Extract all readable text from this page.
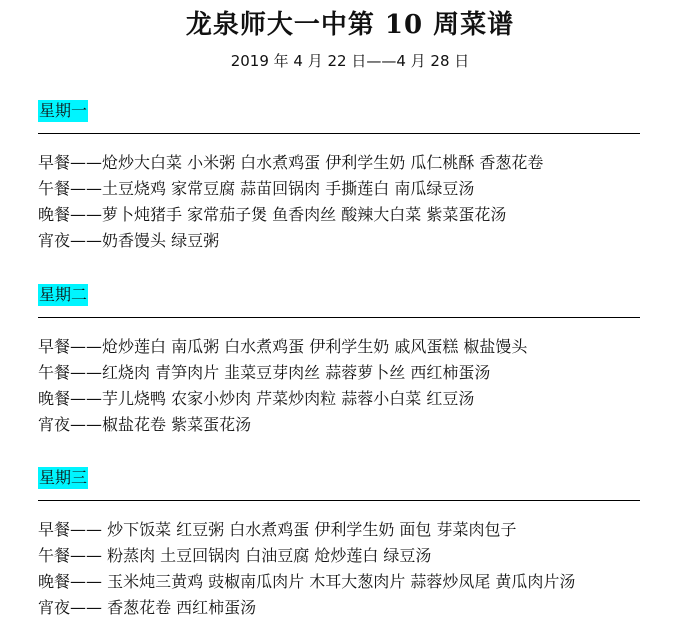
龙泉师大一中第 10 周菜谱
2019 年 4 月 22 日——4 月 28 日
星期一
早餐——炝炒大白菜 小米粥 白水煮鸡蛋 伊利学生奶 瓜仁桃酥 香葱花卷
午餐——土豆烧鸡 家常豆腐 蒜苗回锅肉 手撕莲白 南瓜绿豆汤
晚餐——萝卜炖猪手 家常茄子煲 鱼香肉丝 酸辣大白菜 紫菜蛋花汤
宵夜——奶香馒头 绿豆粥
星期二
早餐——炝炒莲白 南瓜粥 白水煮鸡蛋 伊利学生奶 戚风蛋糕 椒盐馒头
午餐——红烧肉 青笋肉片 韭菜豆芽肉丝 蒜蓉萝卜丝 西红柿蛋汤
晚餐——芋儿烧鸭 农家小炒肉 芹菜炒肉粒 蒜蓉小白菜 红豆汤
宵夜——椒盐花卷 紫菜蛋花汤
星期三
早餐—— 炒下饭菜 红豆粥 白水煮鸡蛋 伊利学生奶 面包 芽菜肉包子
午餐—— 粉蒸肉 土豆回锅肉 白油豆腐 炝炒莲白 绿豆汤
晚餐—— 玉米炖三黄鸡 豉椒南瓜肉片 木耳大葱肉片 蒜蓉炒凤尾 黄瓜肉片汤
宵夜—— 香葱花卷 西红柿蛋汤
